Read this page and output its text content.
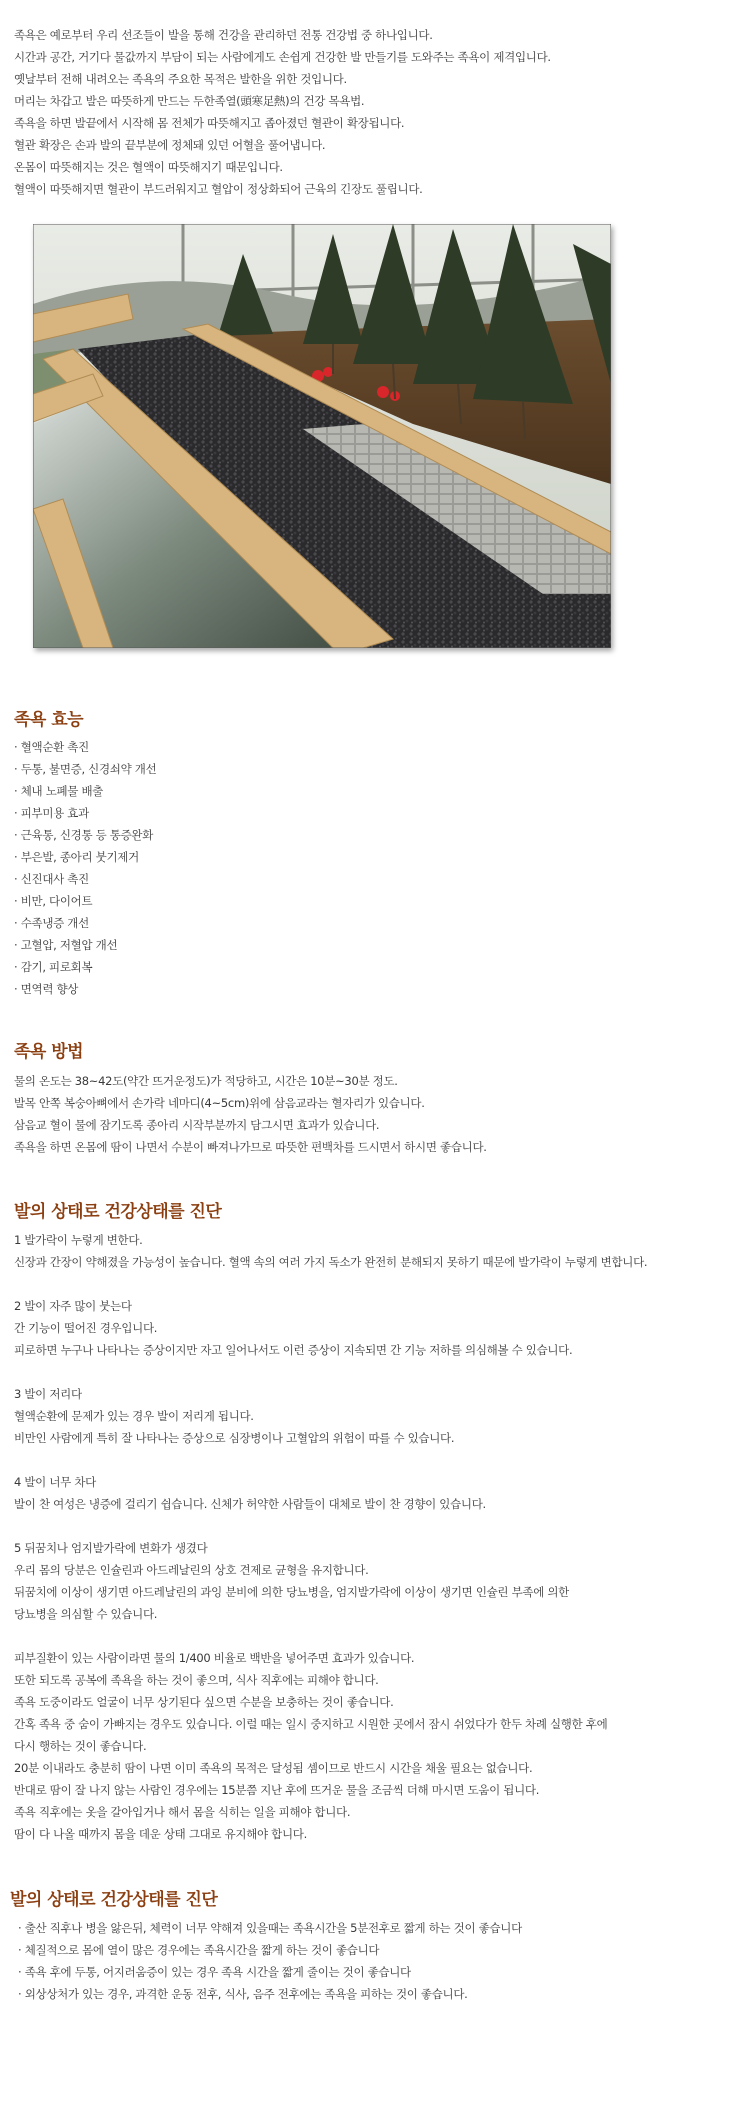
족욕은 예로부터 우리 선조들이 발을 통해 건강을 관리하던 전통 건강법 중 하나입니다.
시간과 공간, 거기다 물값까지 부담이 되는 사람에게도 손쉽게 건강한 발 만들기를 도와주는 족욕이 제격입니다.
옛날부터 전해 내려오는 족욕의 주요한 목적은 발한을 위한 것입니다.
머리는 차갑고 발은 따뜻하게 만드는 두한족열(頭寒足熱)의 건강 목욕법.
족욕을 하면 발끝에서 시작해 몸 전체가 따뜻해지고 좁아졌던 혈관이 확장됩니다.
혈관 확장은 손과 발의 끝부분에 정체돼 있던 어혈을 풀어냅니다.
온몸이 따뜻해지는 것은 혈액이 따뜻해지기 때문입니다.
혈액이 따뜻해지면 혈관이 부드러워지고 혈압이 정상화되어 근육의 긴장도 풀립니다.
족욕 효능
· 혈액순환 촉진
· 두통, 불면증, 신경쇠약 개선
· 체내 노폐물 배출
· 피부미용 효과
· 근육통, 신경통 등 통증완화
· 부은발, 종아리 붓기제거
· 신진대사 촉진
· 비만, 다이어트
· 수족냉증 개선
· 고혈압, 저혈압 개선
· 감기, 피로회복
· 면역력 향상
족욕 방법
물의 온도는 38~42도(약간 뜨거운정도)가 적당하고, 시간은 10분~30분 정도.
발목 안쪽 복숭아뼈에서 손가락 네마디(4~5cm)위에 삼음교라는 혈자리가 있습니다.
삼음교 혈이 물에 잠기도록 종아리 시작부분까지 담그시면 효과가 있습니다.
족욕을 하면 온몸에 땀이 나면서 수분이 빠져나가므로 따뜻한 편백차를 드시면서 하시면 좋습니다.
발의 상태로 건강상태를 진단
1 발가락이 누렇게 변한다.
신장과 간장이 약해졌을 가능성이 높습니다. 혈액 속의 여러 가지 독소가 완전히 분해되지 못하기 때문에 발가락이 누렇게 변합니다.
2 발이 자주 많이 붓는다
간 기능이 떨어진 경우입니다.
피로하면 누구나 나타나는 증상이지만 자고 일어나서도 이런 증상이 지속되면 간 기능 저하를 의심해볼 수 있습니다.
3 발이 저리다
혈액순환에 문제가 있는 경우 발이 저리게 됩니다.
비만인 사람에게 특히 잘 나타나는 증상으로 심장병이나 고혈압의 위험이 따를 수 있습니다.
4 발이 너무 차다
발이 찬 여성은 냉증에 걸리기 쉽습니다. 신체가 허약한 사람들이 대체로 발이 찬 경향이 있습니다.
5 뒤꿈치나 엄지발가락에 변화가 생겼다
우리 몸의 당분은 인슐린과 아드레날린의 상호 견제로 균형을 유지합니다.
뒤꿈치에 이상이 생기면 아드레날린의 과잉 분비에 의한 당뇨병을, 엄지발가락에 이상이 생기면 인슐린 부족에 의한
당뇨병을 의심할 수 있습니다.
피부질환이 있는 사람이라면 물의 1/400 비율로 백반을 넣어주면 효과가 있습니다.
또한 되도록 공복에 족욕을 하는 것이 좋으며, 식사 직후에는 피해야 합니다.
족욕 도중이라도 얼굴이 너무 상기된다 싶으면 수분을 보충하는 것이 좋습니다.
간혹 족욕 중 숨이 가빠지는 경우도 있습니다. 이럴 때는 일시 중지하고 시원한 곳에서 잠시 쉬었다가 한두 차례 실행한 후에
다시 행하는 것이 좋습니다.
20분 이내라도 충분히 땀이 나면 이미 족욕의 목적은 달성됨 셈이므로 반드시 시간을 채울 필요는 없습니다.
반대로 땀이 잘 나지 않는 사람인 경우에는 15분쯤 지난 후에 뜨거운 물을 조금씩 더해 마시면 도움이 됩니다.
족욕 직후에는 옷을 갈아입거나 해서 몸을 식히는 일을 피해야 합니다.
땀이 다 나올 때까지 몸을 데운 상태 그대로 유지해야 합니다.
발의 상태로 건강상태를 진단
· 출산 직후나 병을 앓은뒤, 체력이 너무 약해져 있을때는 족욕시간을 5분전후로 짧게 하는 것이 좋습니다
· 체질적으로 몸에 열이 많은 경우에는 족욕시간을 짧게 하는 것이 좋습니다
· 족욕 후에 두통, 어지러움증이 있는 경우 족욕 시간을 짧게 줄이는 것이 좋습니다
· 외상상처가 있는 경우, 과격한 운동 전후, 식사, 음주 전후에는 족욕을 피하는 것이 좋습니다.
